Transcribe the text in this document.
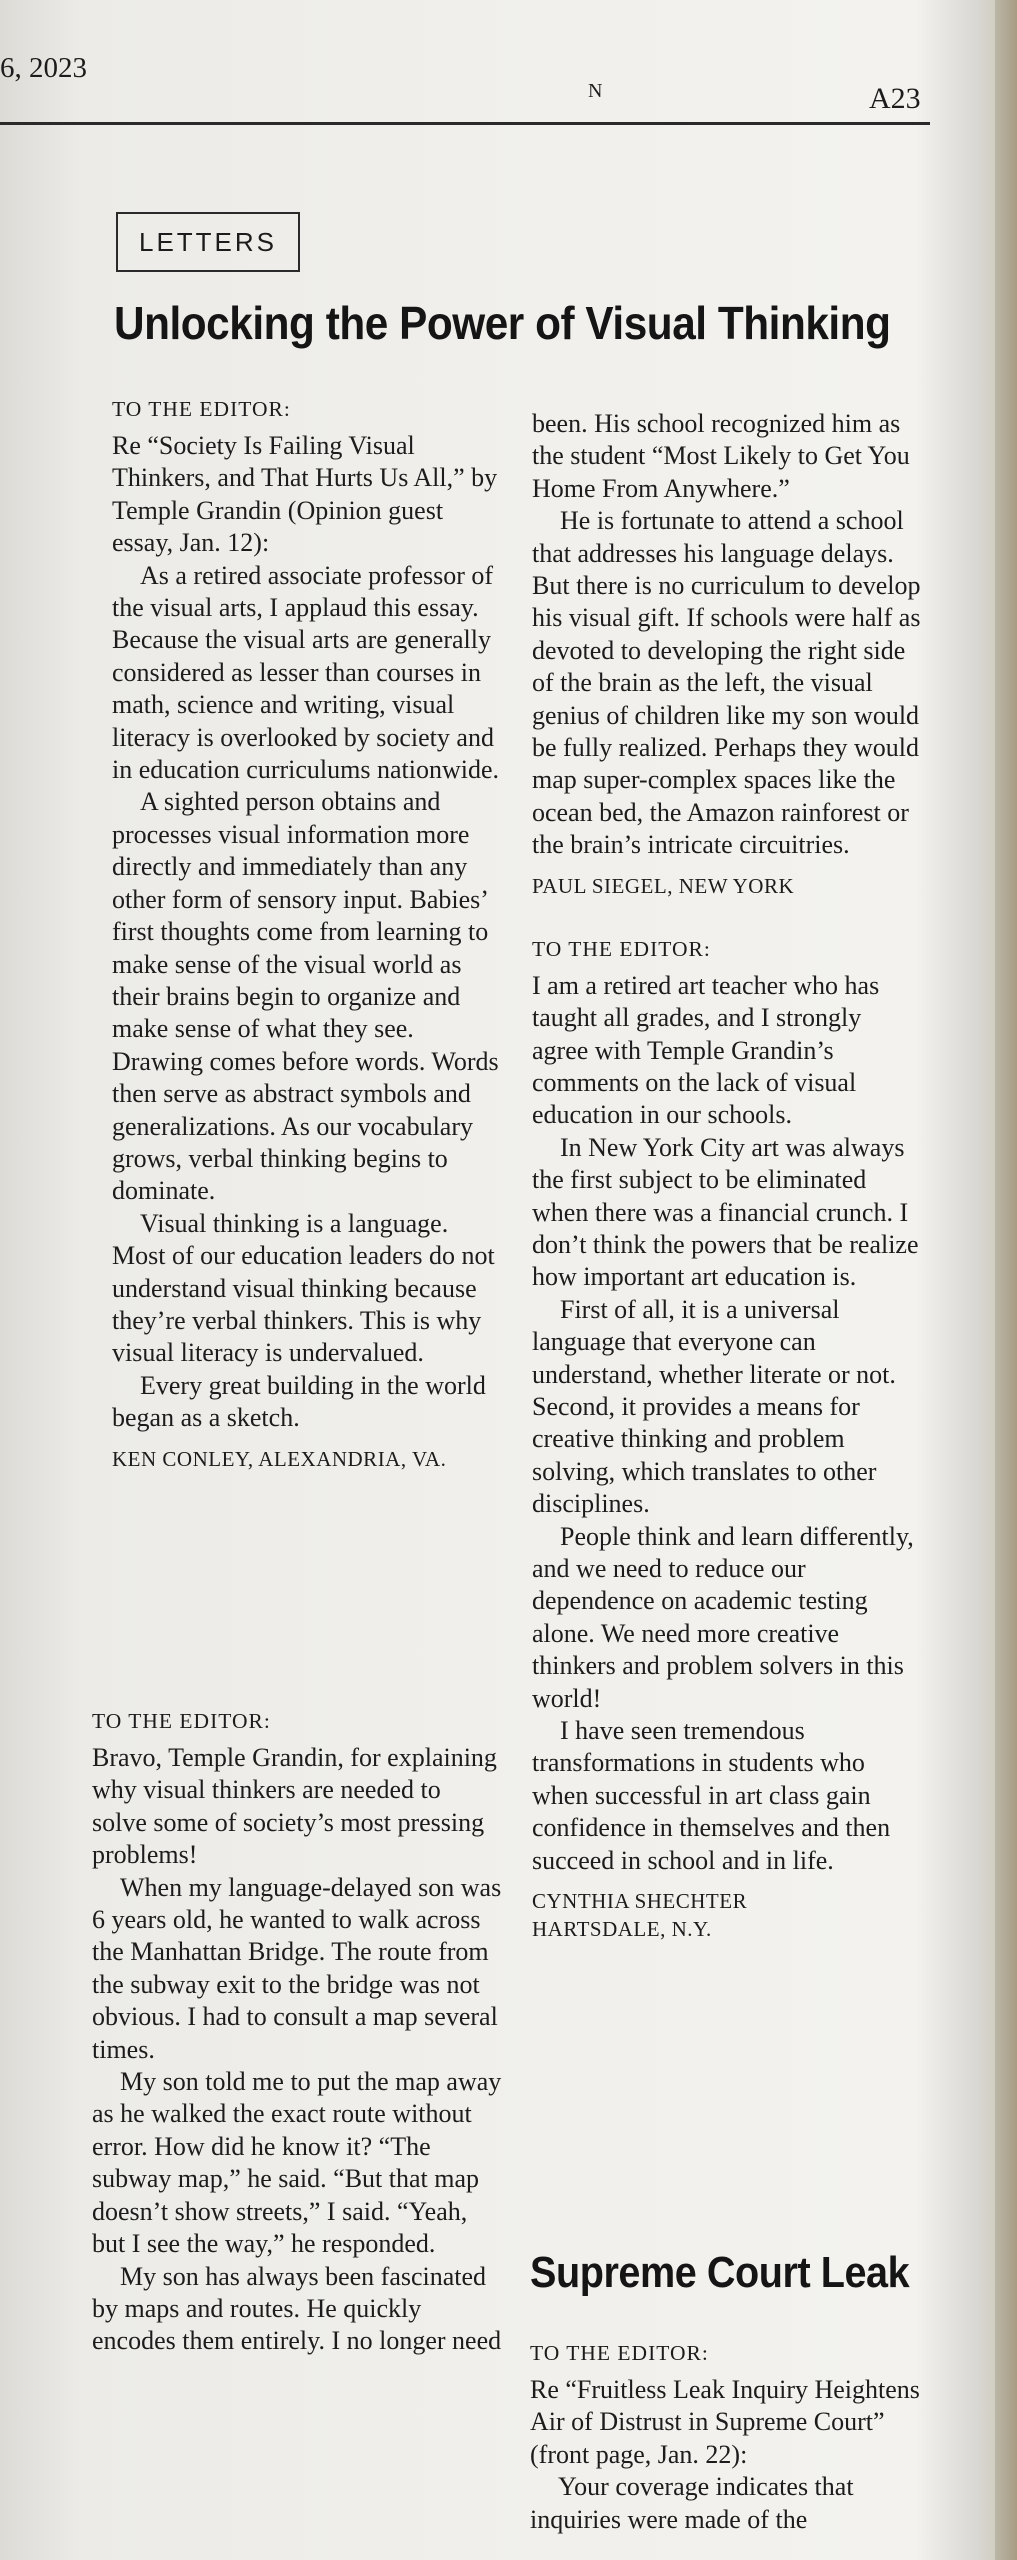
6, 2023
N	A23
LETTERS
Unlocking the Power of Visual Thinking

TO THE EDITOR:

Re “Society Is Failing Visual Thinkers, and That Hurts Us All,” by Temple Grandin (Opinion guest essay, Jan. 12):

As a retired associate professor of the visual arts, I applaud this essay. Because the visual arts are generally considered as lesser than courses in math, science and writing, visual literacy is overlooked by society and in education curriculums nationwide.

A sighted person obtains and processes visual information more directly and immediately than any other form of sensory input. Babies’ first thoughts come from learning to make sense of the visual world as their brains begin to organize and make sense of what they see. Drawing comes before words. Words then serve as abstract symbols and generalizations. As our vocabulary grows, verbal thinking begins to dominate.

Visual thinking is a language. Most of our education leaders do not understand visual thinking because they’re verbal thinkers. This is why visual literacy is undervalued.

Every great building in the world began as a sketch.

KEN CONLEY, ALEXANDRIA, VA.

TO THE EDITOR:

Bravo, Temple Grandin, for explaining why visual thinkers are needed to solve some of society’s most pressing problems!

When my language-delayed son was 6 years old, he wanted to walk across the Manhattan Bridge. The route from the subway exit to the bridge was not obvious. I had to consult a map several times.

My son told me to put the map away as he walked the exact route without error. How did he know it? “The subway map,” he said. “But that map doesn’t show streets,” I said. “Yeah, but I see the way,” he responded.

My son has always been fascinated by maps and routes. He quickly encodes them entirely. I no longer need

been. His school recognized him as the student “Most Likely to Get You Home From Anywhere.”

He is fortunate to attend a school that addresses his language delays. But there is no curriculum to develop his visual gift. If schools were half as devoted to developing the right side of the brain as the left, the visual genius of children like my son would be fully realized. Perhaps they would map super-complex spaces like the ocean bed, the Amazon rainforest or the brain’s intricate circuitries.

PAUL SIEGEL, NEW YORK

TO THE EDITOR:

I am a retired art teacher who has taught all grades, and I strongly agree with Temple Grandin’s comments on the lack of visual education in our schools.

In New York City art was always the first subject to be eliminated when there was a financial crunch. I don’t think the powers that be realize how important art education is.

First of all, it is a universal language that everyone can understand, whether literate or not. Second, it provides a means for creative thinking and problem solving, which translates to other disciplines.

People think and learn differently, and we need to reduce our dependence on academic testing alone. We need more creative thinkers and problem solvers in this world!

I have seen tremendous transformations in students who when successful in art class gain confidence in themselves and then succeed in school and in life.

CYNTHIA SHECHTER

HARTSDALE, N.Y.

Supreme Court Leak

TO THE EDITOR:

Re “Fruitless Leak Inquiry Heightens Air of Distrust in Supreme Court” (front page, Jan. 22):

Your coverage indicates that inquiries were made of the
